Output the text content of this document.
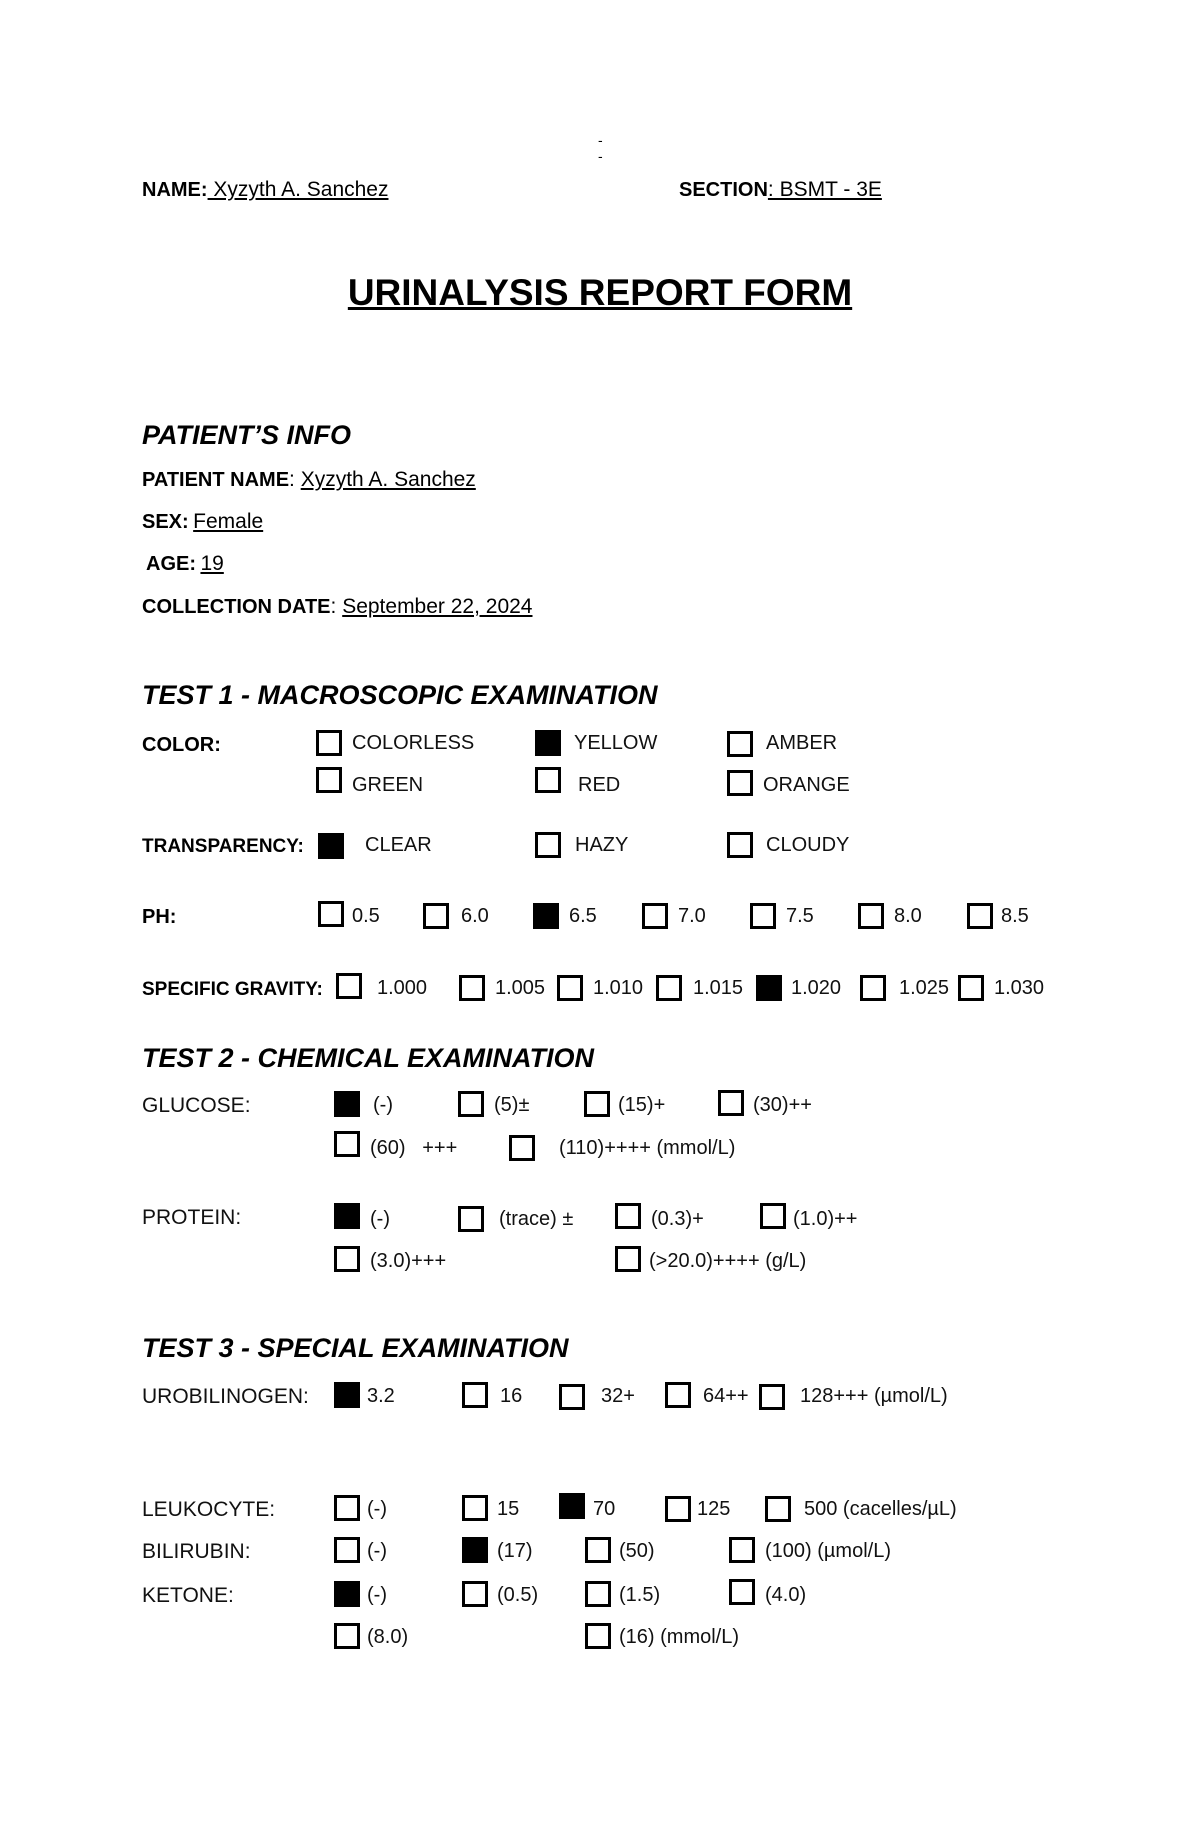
-
-
NAME: Xyzyth A. Sanchez	SECTION: BSMT - 3E
URINALYSIS REPORT FORM
PATIENT’S INFO
PATIENT NAME: Xyzyth A. Sanchez
SEX: Female
AGE: 19
COLLECTION DATE: September 22, 2024
TEST 1 - MACROSCOPIC EXAMINATION
COLOR:	COLORLESS	YELLOW	AMBER
GREEN	RED	ORANGE
TRANSPARENCY:	CLEAR	HAZY	CLOUDY
PH:	0.5	6.0	6.5	7.0	7.5	8.0	8.5
SPECIFIC GRAVITY:	1.000	1.005 1.010 1.015 1.020	1.025 1.030
TEST 2 - CHEMICAL EXAMINATION
GLUCOSE:	(-)	(5)±	(15)+	(30)++
(60)   +++	(110)++++ (mmol/L)
PROTEIN:	(-)	(trace) ±	(0.3)+	(1.0)++
(3.0)+++	(>20.0)++++ (g/L)
TEST 3 - SPECIAL EXAMINATION
UROBILINOGEN:	3.2	16	32+	64++	128+++ (µmol/L)
LEUKOCYTE:	(-)	15	70	125	500 (cacelles/µL)
BILIRUBIN:	(-)	(17)	(50)	(100) (µmol/L)
KETONE:	(-)	(0.5)	(1.5)	(4.0)
(8.0)	(16) (mmol/L)
